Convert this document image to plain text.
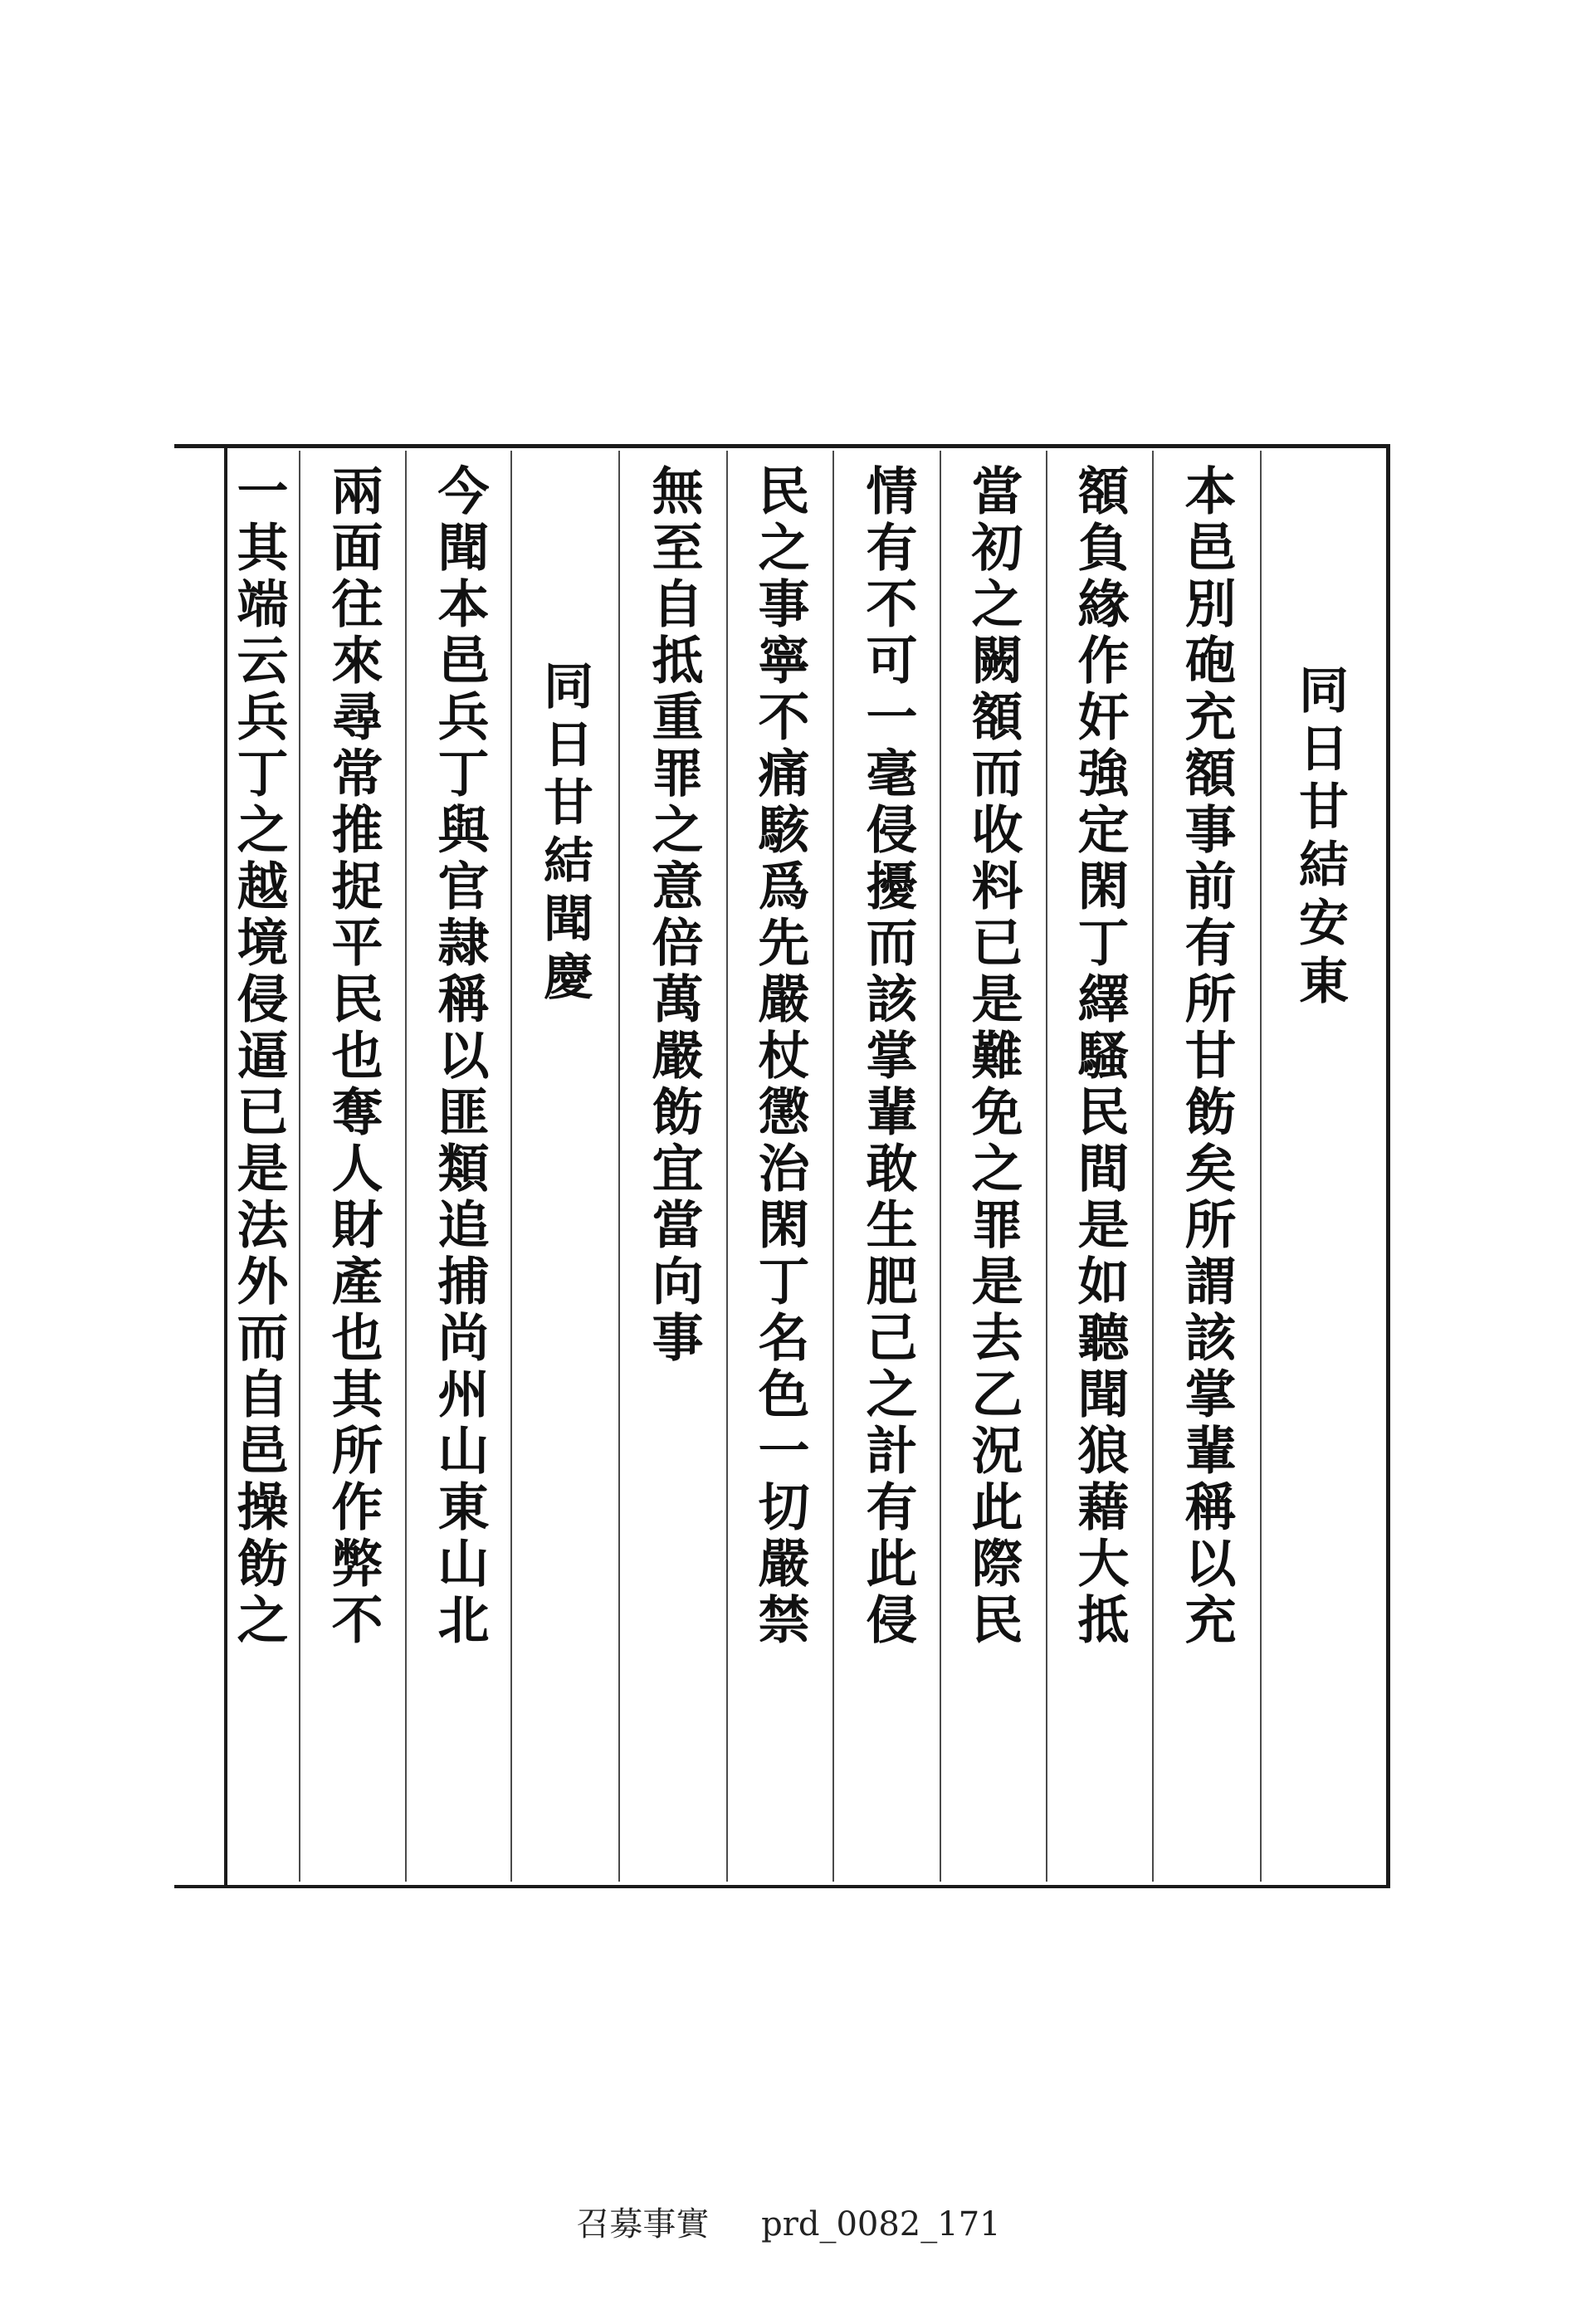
同日甘結安東
本邑別砲充額事前有所甘飭矣所謂該掌輩稱以充
額負緣作奸強定閑丁繹騷民間是如聽聞狼藉大抵
當初之闕額而收料已是難免之罪是去乙況此際民
情有不可一毫侵擾而該掌輩敢生肥己之計有此侵
民之事寧不痛駭爲先嚴杖懲治閑丁名色一切嚴禁
無至自抵重罪之意倍萬嚴飭宜當向事
同日甘結聞慶
今聞本邑兵丁與官隷稱以匪類追捕尚州山東山北
兩面往來尋常推捉平民也奪人財產也其所作弊不
一其端云兵丁之越境侵逼已是法外而自邑操飭之
召募事實 prd_0082_171
